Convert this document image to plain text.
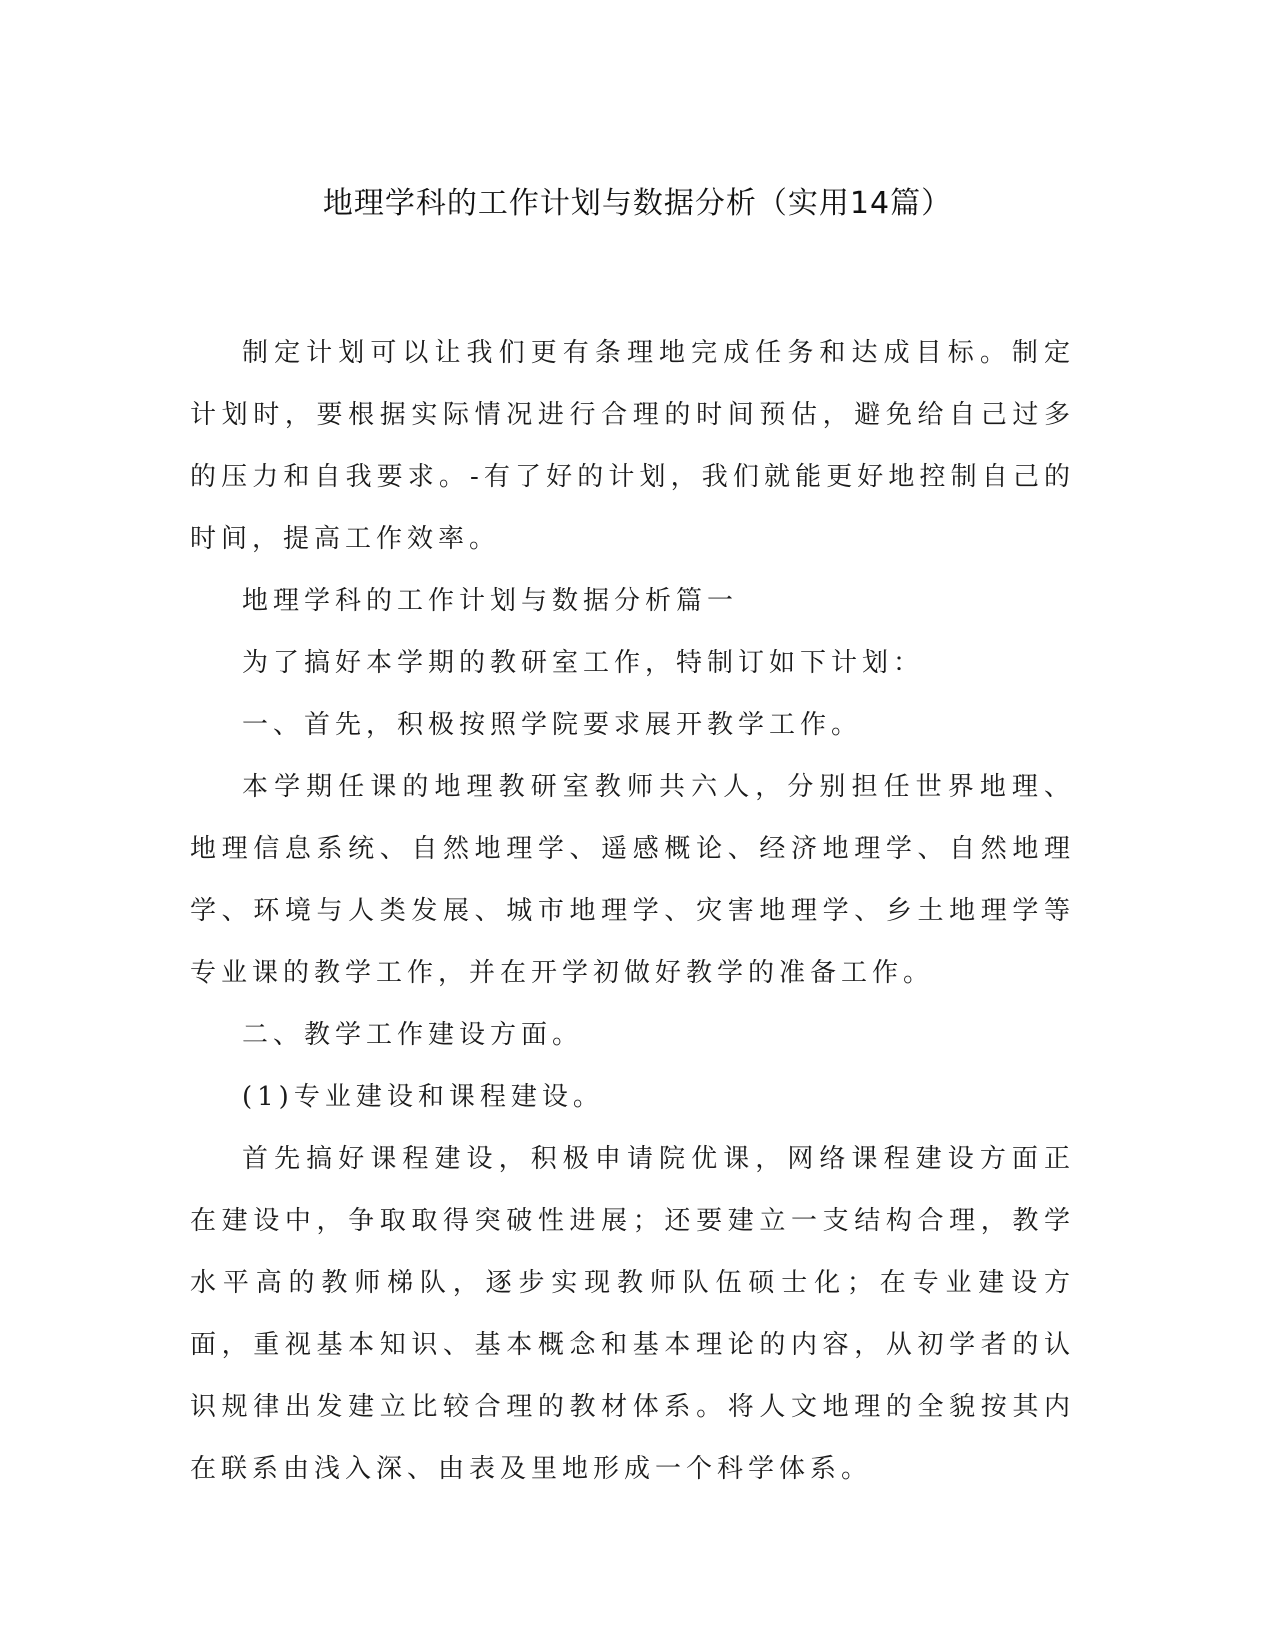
地理学科的工作计划与数据分析（实用14篇）

制定计划可以让我们更有条理地完成任务和达成目标。制定计划时，要根据实际情况进行合理的时间预估，避免给自己过多的压力和自我要求。-有了好的计划，我们就能更好地控制自己的时间，提高工作效率。

地理学科的工作计划与数据分析篇一

为了搞好本学期的教研室工作，特制订如下计划：

一、首先，积极按照学院要求展开教学工作。

本学期任课的地理教研室教师共六人，分别担任世界地理、地理信息系统、自然地理学、遥感概论、经济地理学、自然地理学、环境与人类发展、城市地理学、灾害地理学、乡土地理学等专业课的教学工作，并在开学初做好教学的准备工作。

二、教学工作建设方面。

(1)专业建设和课程建设。

首先搞好课程建设，积极申请院优课，网络课程建设方面正在建设中，争取取得突破性进展；还要建立一支结构合理，教学水平高的教师梯队，逐步实现教师队伍硕士化；在专业建设方面，重视基本知识、基本概念和基本理论的内容，从初学者的认识规律出发建立比较合理的教材体系。将人文地理的全貌按其内在联系由浅入深、由表及里地形成一个科学体系。
